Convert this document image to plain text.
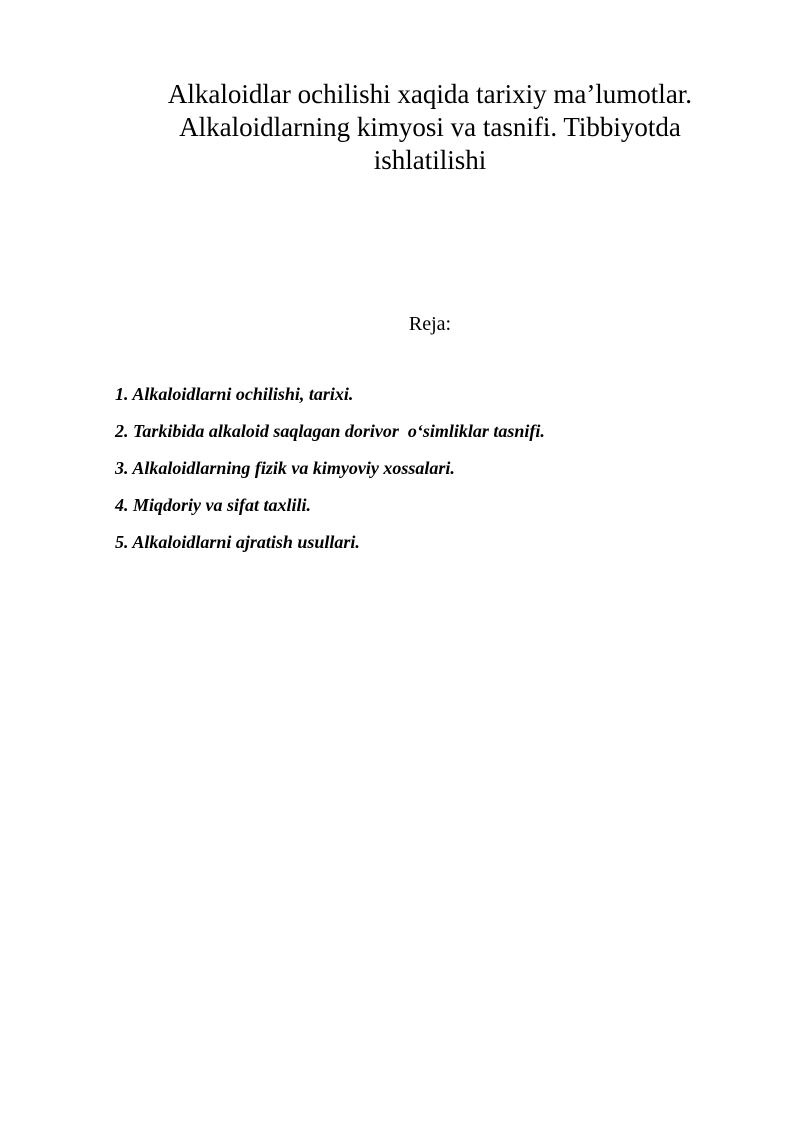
Alkaloidlar ochilishi xaqida tarixiy ma’lumotlar.
Alkaloidlarning kimyosi va tasnifi. Tibbiyotda
ishlatilishi

Reja:

1. Alkaloidlarni ochilishi, tarixi.
2. Tarkibida alkaloid saqlagan dorivor  o‘simliklar tasnifi.
3. Alkaloidlarning fizik va kimyoviy xossalari.
4. Miqdoriy va sifat taxlili.
5. Alkaloidlarni ajratish usullari.
